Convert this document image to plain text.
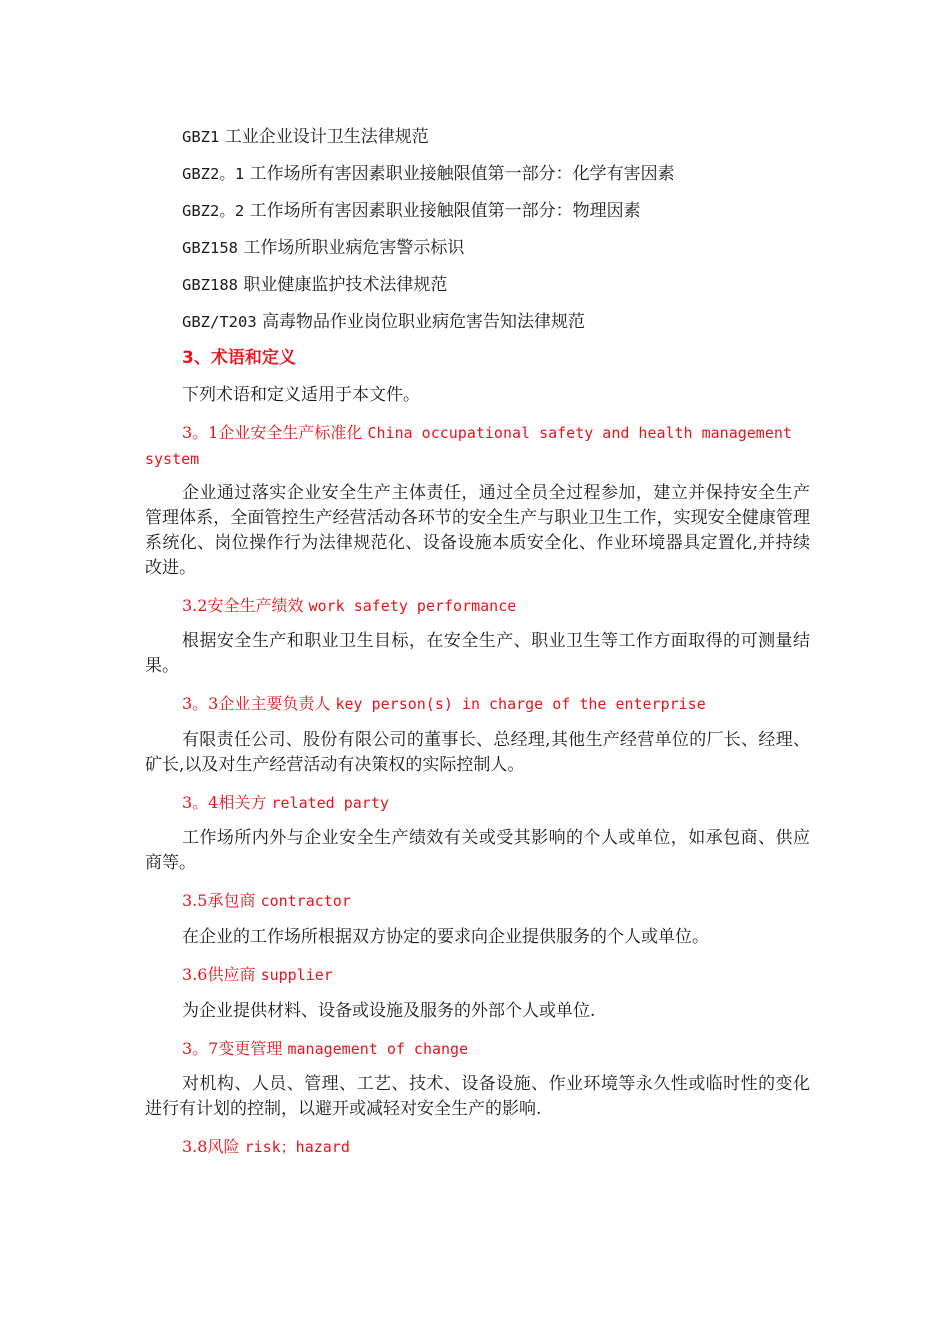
GBZ1 工业企业设计卫生法律规范
GBZ2。1 工作场所有害因素职业接触限值第一部分：化学有害因素
GBZ2。2 工作场所有害因素职业接触限值第一部分：物理因素
GBZ158 工作场所职业病危害警示标识
GBZ188 职业健康监护技术法律规范
GBZ/T203 高毒物品作业岗位职业病危害告知法律规范
3、术语和定义
下列术语和定义适用于本文件。

3。1企业安全生产标准化 China occupational safety and health management system

企业通过落实企业安全生产主体责任，通过全员全过程参加，建立并保持安全生产管理体系，全面管控生产经营活动各环节的安全生产与职业卫生工作，实现安全健康管理系统化、岗位操作行为法律规范化、设备设施本质安全化、作业环境器具定置化,并持续改进。

3.2安全生产绩效 work safety performance

根据安全生产和职业卫生目标，在安全生产、职业卫生等工作方面取得的可测量结果。

3。3企业主要负责人 key person(s) in charge of the enterprise

有限责任公司、股份有限公司的董事长、总经理,其他生产经营单位的厂长、经理、矿长,以及对生产经营活动有决策权的实际控制人。

3。4相关方 related party

工作场所内外与企业安全生产绩效有关或受其影响的个人或单位，如承包商、供应商等。

3.5承包商 contractor

在企业的工作场所根据双方协定的要求向企业提供服务的个人或单位。

3.6供应商 supplier

为企业提供材料、设备或设施及服务的外部个人或单位.

3。7变更管理 management of change

对机构、人员、管理、工艺、技术、设备设施、作业环境等永久性或临时性的变化进行有计划的控制，以避开或减轻对安全生产的影响.

3.8风险 risk；hazard
